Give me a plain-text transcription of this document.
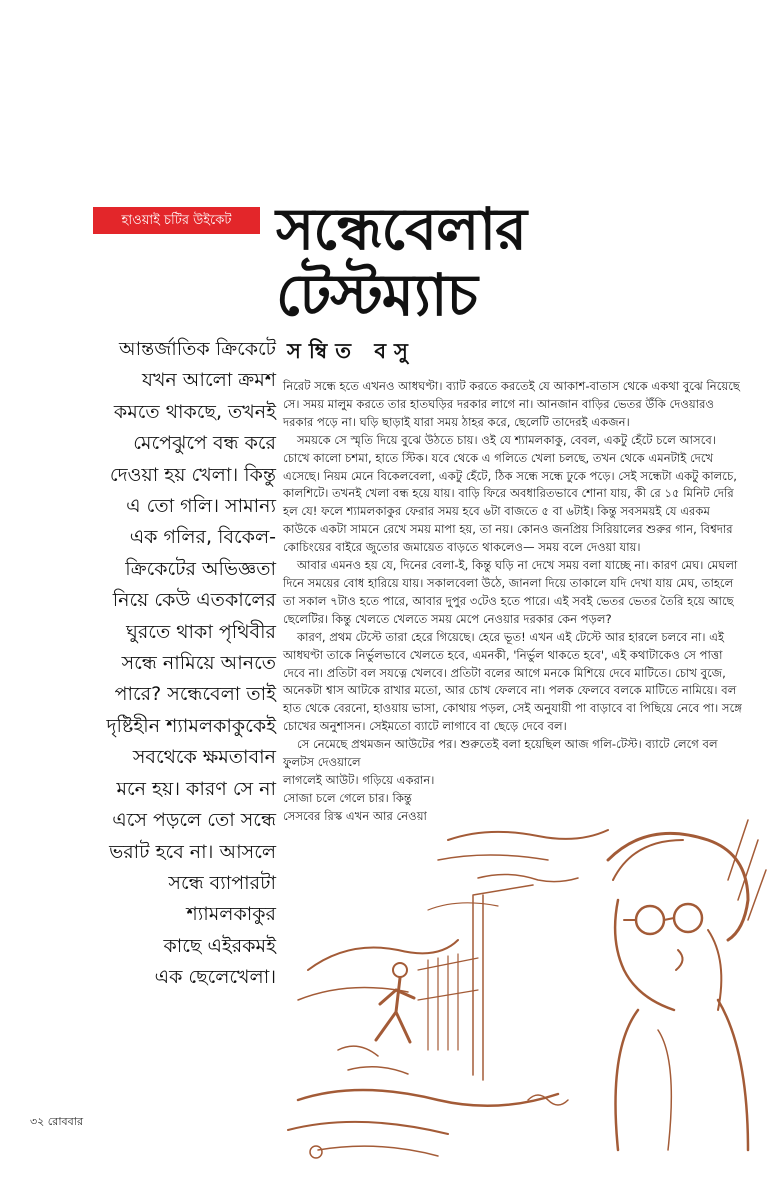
হাওয়াই চটির উইকেট সন্ধেবেলার
টেস্টম্যাচ
সম্বিত বসু
আন্তর্জাতিক ক্রিকেটে
যখন আলো ক্রমশ
কমতে থাকছে, তখনই
মেপেঝুপে বন্ধ করে
দেওয়া হয় খেলা। কিন্তু
এ তো গলি। সামান্য
এক গলির, বিকেল-
ক্রিকেটের অভিজ্ঞতা
নিয়ে কেউ এতকালের
ঘুরতে থাকা পৃথিবীর
সন্ধে নামিয়ে আনতে
পারে? সন্ধেবেলা তাই
দৃষ্টিহীন শ্যামলকাকুকেই
সবথেকে ক্ষমতাবান
মনে হয়। কারণ সে না
এসে পড়লে তো সন্ধে
ভরাট হবে না। আসলে
সন্ধে ব্যাপারটা
শ্যামলকাকুর
কাছে এইরকমই
এক ছেলেখেলা।

নিরেট সন্ধে হতে এখনও আধঘণ্টা। ব্যাট করতে করতেই যে আকাশ-বাতাস থেকে একথা বুঝে নিয়েছে সে। সময় মালুম করতে তার হাতঘড়ির দরকার লাগে না। আনজান বাড়ির ভেতর উঁকি দেওয়ারও দরকার পড়ে না। ঘড়ি ছাড়াই যারা সময় ঠাহর করে, ছেলেটি তাদেরই একজন।

সময়কে সে স্মৃতি দিয়ে বুঝে উঠতে চায়। ওই যে শ্যামলকাকু, বেবল, একটু হেঁটে চলে আসবে। চোখে কালো চশমা, হাতে স্টিক। যবে থেকে এ গলিতে খেলা চলছে, তখন থেকে এমনটাই দেখে এসেছে। নিয়ম মেনে বিকেলবেলা, একটু হেঁটে, ঠিক সন্ধে সন্ধে ঢুকে পড়ে। সেই সন্ধেটা একটু কালচে, কালশিটে। তখনই খেলা বন্ধ হয়ে যায়। বাড়ি ফিরে অবধারিতভাবে শোনা যায়, কী রে ১৫ মিনিট দেরি হল যে! ফলে শ্যামলকাকুর ফেরার সময় হবে ৬টা বাজতে ৫ বা ৬টাই। কিন্তু সবসময়ই যে এরকম কাউকে একটা সামনে রেখে সময় মাপা হয়, তা নয়। কোনও জনপ্রিয় সিরিয়ালের শুরুর গান, বিশ্বদার কোচিংয়ের বাইরে জুতোর জমায়েত বাড়তে থাকলেও— সময় বলে দেওয়া যায়।

আবার এমনও হয় যে, দিনের বেলা-ই, কিন্তু ঘড়ি না দেখে সময় বলা যাচ্ছে না। কারণ মেঘ। মেঘলা দিনে সময়ের বোধ হারিয়ে যায়। সকালবেলা উঠে, জানলা দিয়ে তাকালে যদি দেখা যায় মেঘ, তাহলে তা সকাল ৭টাও হতে পারে, আবার দুপুর ৩টেও হতে পারে। এই সবই ভেতর ভেতর তৈরি হয়ে আছে ছেলেটির। কিন্তু খেলতে খেলতে সময় মেপে নেওয়ার দরকার কেন পড়ল?

কারণ, প্রথম টেস্টে তারা হেরে গিয়েছে। হেরে ভূত! এখন এই টেস্টে আর হারলে চলবে না। এই আধঘণ্টা তাকে নির্ভুলভাবে খেলতে হবে, এমনকী, 'নির্ভুল থাকতে হবে', এই কথাটাকেও সে পাত্তা দেবে না। প্রতিটা বল সযত্নে খেলবে। প্রতিটা বলের আগে মনকে মিশিয়ে দেবে মাটিতে। চোখ বুজে, অনেকটা শ্বাস আটকে রাখার মতো, আর চোখ ফেলবে না। পলক ফেলবে বলকে মাটিতে নামিয়ে। বল হাত থেকে বেরনো, হাওয়ায় ভাসা, কোথায় পড়ল, সেই অনুযায়ী পা বাড়াবে বা পিছিয়ে নেবে পা। সঙ্গে চোখের অনুশাসন। সেইমতো ব্যাটে লাগাবে বা ছেড়ে দেবে বল।

সে নেমেছে প্রথমজন আউটের পর। শুরুতেই বলা হয়েছিল আজ গলি-টেস্ট। ব্যাটে লেগে বল ফুলটস দেওয়ালে

লাগলেই আউট। গড়িয়ে একরান।
সোজা চলে গেলে চার। কিন্তু
সেসবের রিস্ক এখন আর নেওয়া
৩২ রোববার
